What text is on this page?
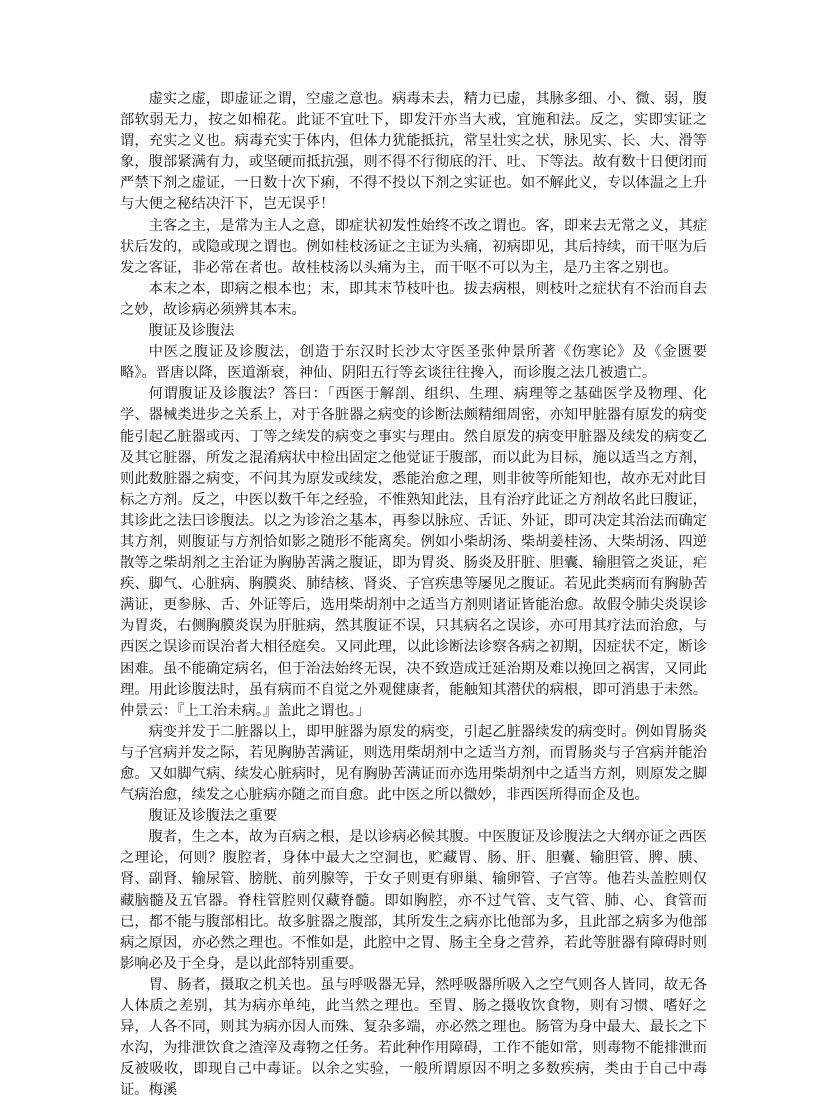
虚实之虚，即虚证之谓，空虚之意也。病毒未去，精力已虚，其脉多细、小、微、弱，腹部软弱无力，按之如棉花。此证不宜吐下，即发汗亦当大戒，宜施和法。反之，实即实证之谓，充实之义也。病毒充实于体内，但体力犹能抵抗，常呈壮实之状，脉见实、长、大、滑等象，腹部紧满有力，或坚硬而抵抗强，则不得不行彻底的汗、吐、下等法。故有数十日便闭而严禁下剂之虚证，一日数十次下痢，不得不投以下剂之实证也。如不解此义，专以体温之上升与大便之秘结决汗下，岂无误乎！

主客之主，是常为主人之意，即症状初发性始终不改之谓也。客，即来去无常之义，其症状后发的，或隐或现之谓也。例如桂枝汤证之主证为头痛，初病即见，其后持续，而干呕为后发之客证，非必常在者也。故桂枝汤以头痛为主，而干呕不可以为主，是乃主客之别也。

本末之本，即病之根本也；末，即其末节枝叶也。拔去病根，则枝叶之症状有不治而自去之妙，故诊病必须辨其本末。

腹证及诊腹法

中医之腹证及诊腹法，创造于东汉时长沙太守医圣张仲景所著《伤寒论》及《金匮要略》。晋唐以降，医道渐衰，神仙、阴阳五行等玄谈往往搀入，而诊腹之法几被遗亡。

何谓腹证及诊腹法？答曰：「西医于解剖、组织、生理、病理等之基础医学及物理、化学、器械类进步之关系上，对于各脏器之病变的诊断法颇精细周密，亦知甲脏器有原发的病变能引起乙脏器或丙、丁等之续发的病变之事实与理由。然自原发的病变甲脏器及续发的病变乙及其它脏器，所发之混淆病状中检出固定之他觉证于腹部，而以此为目标，施以适当之方剂，则此数脏器之病变，不问其为原发或续发，悉能治愈之理，则非彼等所能知也，故亦无对此目标之方剂。反之，中医以数千年之经验，不惟熟知此法，且有治疗此证之方剂故名此曰腹证，其诊此之法曰诊腹法。以之为诊治之基本，再参以脉应、舌证、外证，即可决定其治法而确定其方剂，则腹证与方剂恰如影之随形不能离矣。例如小柴胡汤、柴胡姜桂汤、大柴胡汤、四逆散等之柴胡剂之主治证为胸胁苦满之腹证，即为胃炎、肠炎及肝脏、胆囊、输胆管之炎证，疟疾、脚气、心脏病、胸膜炎、肺结核、肾炎、子宫疾患等屡见之腹证。若见此类病而有胸胁苦满证，更参脉、舌、外证等后，选用柴胡剂中之适当方剂则诸证皆能治愈。故假令肺尖炎误诊为胃炎，右侧胸膜炎误为肝脏病，然其腹证不误，只其病名之误诊，亦可用其疗法而治愈，与西医之误诊而误治者大相径庭矣。又同此理，以此诊断法诊察各病之初期，因症状不定，断诊困难。虽不能确定病名，但于治法始终无误，决不致造成迁延治期及难以挽回之祸害，又同此理。用此诊腹法时，虽有病而不自觉之外观健康者，能触知其潜伏的病根，即可消患于未然。仲景云：『上工治未病。』盖此之谓也。」

病变并发于二脏器以上，即甲脏器为原发的病变，引起乙脏器续发的病变时。例如胃肠炎与子宫病并发之际，若见胸胁苦满证，则选用柴胡剂中之适当方剂，而胃肠炎与子宫病并能治愈。又如脚气病、续发心脏病时，见有胸胁苦满证而亦选用柴胡剂中之适当方剂，则原发之脚气病治愈，续发之心脏病亦随之而自愈。此中医之所以微妙，非西医所得而企及也。

腹证及诊腹法之重要

腹者，生之本，故为百病之根，是以诊病必候其腹。中医腹证及诊腹法之大纲亦证之西医之理论，何则？腹腔者，身体中最大之空洞也，贮藏胃、肠、肝、胆囊、输胆管、脾、胰、肾、副肾、输尿管、膀胱、前列腺等，于女子则更有卵巢、输卵管、子宫等。他若头盖腔则仅藏脑髓及五官器。脊柱管腔则仅藏脊髓。即如胸腔，亦不过气管、支气管、肺、心、食管而已，都不能与腹部相比。故多脏器之腹部，其所发生之病亦比他部为多，且此部之病多为他部病之原因，亦必然之理也。不惟如是，此腔中之胃、肠主全身之营养，若此等脏器有障碍时则影响必及于全身，是以此部特别重要。

胃、肠者，摄取之机关也。虽与呼吸器无异，然呼吸器所吸入之空气则各人皆同，故无各人体质之差别，其为病亦单纯，此当然之理也。至胃、肠之摄收饮食物，则有习惯、嗜好之异，人各不同，则其为病亦因人而殊、复杂多端，亦必然之理也。肠管为身中最大、最长之下水沟，为排泄饮食之渣滓及毒物之任务。若此种作用障碍，工作不能如常，则毒物不能排泄而反被吸收，即现自己中毒证。以余之实验，一般所谓原因不明之多数疾病，类由于自己中毒证。梅溪
